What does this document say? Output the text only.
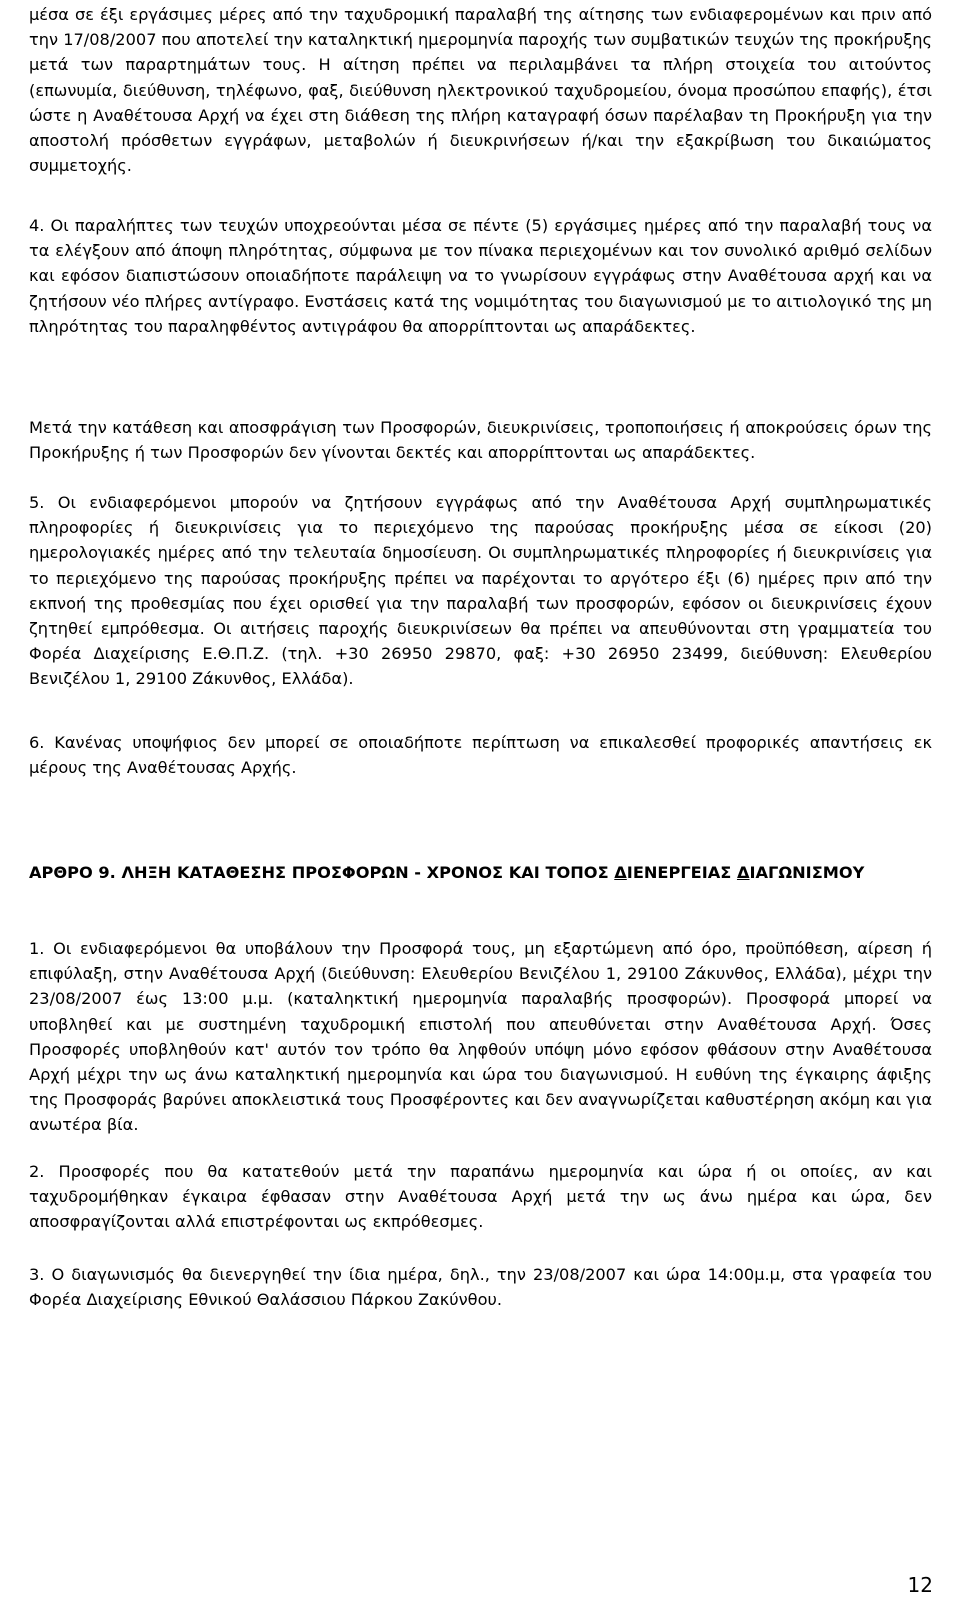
μέσα σε έξι εργάσιμες μέρες από την ταχυδρομική παραλαβή της αίτησης των ενδιαφερομένων και πριν από την 17/08/2007 που αποτελεί την καταληκτική ημερομηνία παροχής των συμβατικών τευχών της προκήρυξης μετά των παραρτημάτων τους. Η αίτηση πρέπει να περιλαμβάνει τα πλήρη στοιχεία του αιτούντος (επωνυμία, διεύθυνση, τηλέφωνο, φαξ, διεύθυνση ηλεκτρονικού ταχυδρομείου, όνομα προσώπου επαφής), έτσι ώστε η Αναθέτουσα Αρχή να έχει στη διάθεση της πλήρη καταγραφή όσων παρέλαβαν τη Προκήρυξη για την αποστολή πρόσθετων εγγράφων, μεταβολών ή διευκρινήσεων ή/και την εξακρίβωση του δικαιώματος συμμετοχής.
4. Οι παραλήπτες των τευχών υποχρεούνται μέσα σε πέντε (5) εργάσιμες ημέρες από την παραλαβή τους να τα ελέγξουν από άποψη πληρότητας, σύμφωνα με τον πίνακα περιεχομένων και τον συνολικό αριθμό σελίδων και εφόσον διαπιστώσουν οποιαδήποτε παράλειψη να το γνωρίσουν εγγράφως στην Αναθέτουσα αρχή και να ζητήσουν νέο πλήρες αντίγραφο. Ενστάσεις κατά της νομιμότητας του διαγωνισμού με το αιτιολογικό της μη πληρότητας του παραληφθέντος αντιγράφου θα απορρίπτονται ως απαράδεκτες.
Μετά την κατάθεση και αποσφράγιση των Προσφορών, διευκρινίσεις, τροποποιήσεις ή αποκρούσεις όρων της Προκήρυξης ή των Προσφορών δεν γίνονται δεκτές και απορρίπτονται ως απαράδεκτες.
5. Οι ενδιαφερόμενοι μπορούν να ζητήσουν εγγράφως από την Αναθέτουσα Αρχή συμπληρωματικές πληροφορίες ή διευκρινίσεις για το περιεχόμενο της παρούσας προκήρυξης μέσα σε είκοσι (20) ημερολογιακές ημέρες από την τελευταία δημοσίευση. Οι συμπληρωματικές πληροφορίες ή διευκρινίσεις για το περιεχόμενο της παρούσας προκήρυξης πρέπει να παρέχονται το αργότερο έξι (6) ημέρες πριν από την εκπνοή της προθεσμίας που έχει ορισθεί για την παραλαβή των προσφορών, εφόσον οι διευκρινίσεις έχουν ζητηθεί εμπρόθεσμα. Οι αιτήσεις παροχής διευκρινίσεων θα πρέπει να απευθύνονται στη γραμματεία του Φορέα Διαχείρισης Ε.Θ.Π.Ζ. (τηλ. +30 26950 29870, φαξ: +30 26950 23499, διεύθυνση: Ελευθερίου Βενιζέλου 1, 29100 Ζάκυνθος, Ελλάδα).
6. Κανένας υποψήφιος δεν μπορεί σε οποιαδήποτε περίπτωση να επικαλεσθεί προφορικές απαντήσεις εκ μέρους της Αναθέτουσας Αρχής.
ΑΡΘΡΟ 9. ΛΗΞΗ ΚΑΤΑΘΕΣΗΣ ΠΡΟΣΦΟΡΩΝ - ΧΡΟΝΟΣ ΚΑΙ ΤΟΠΟΣ ΔΙΕΝΕΡΓΕΙΑΣ ΔΙΑΓΩΝΙΣΜΟΥ
1. Οι ενδιαφερόμενοι θα υποβάλουν την Προσφορά τους, μη εξαρτώμενη από όρο, προϋπόθεση, αίρεση ή επιφύλαξη, στην Αναθέτουσα Αρχή (διεύθυνση: Ελευθερίου Βενιζέλου 1, 29100 Ζάκυνθος, Ελλάδα), μέχρι την 23/08/2007 έως 13:00 μ.μ. (καταληκτική ημερομηνία παραλαβής προσφορών). Προσφορά μπορεί να υποβληθεί και με συστημένη ταχυδρομική επιστολή που απευθύνεται στην Αναθέτουσα Αρχή. Όσες Προσφορές υποβληθούν κατ' αυτόν τον τρόπο θα ληφθούν υπόψη μόνο εφόσον φθάσουν στην Αναθέτουσα Αρχή μέχρι την ως άνω καταληκτική ημερομηνία και ώρα του διαγωνισμού. Η ευθύνη της έγκαιρης άφιξης της Προσφοράς βαρύνει αποκλειστικά τους Προσφέροντες και δεν αναγνωρίζεται καθυστέρηση ακόμη και για ανωτέρα βία.
2. Προσφορές που θα κατατεθούν μετά την παραπάνω ημερομηνία και ώρα ή οι οποίες, αν και ταχυδρομήθηκαν έγκαιρα έφθασαν στην Αναθέτουσα Αρχή μετά την ως άνω ημέρα και ώρα, δεν αποσφραγίζονται αλλά επιστρέφονται ως εκπρόθεσμες.
3. Ο διαγωνισμός θα διενεργηθεί την ίδια ημέρα, δηλ., την 23/08/2007 και ώρα 14:00μ.μ, στα γραφεία του Φορέα Διαχείρισης Εθνικού Θαλάσσιου Πάρκου Ζακύνθου.
12
